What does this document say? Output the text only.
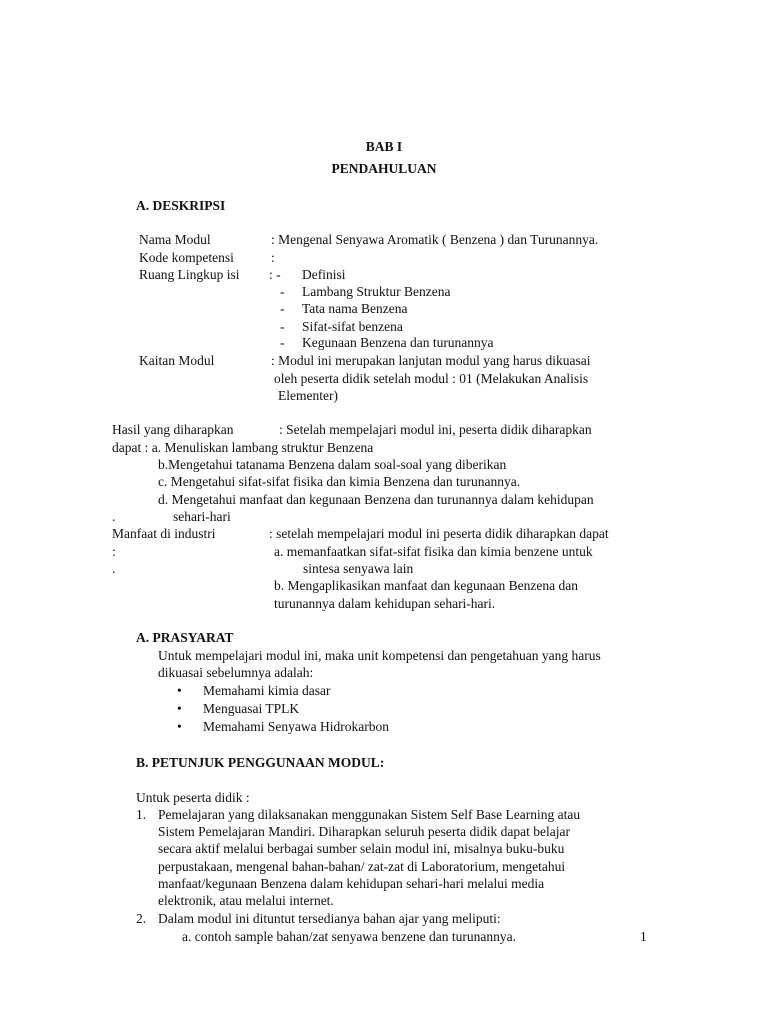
BAB I
PENDAHULUAN
A. DESKRIPSI
Nama Modul	: Mengenal Senyawa Aromatik ( Benzena ) dan Turunannya.
Kode kompetensi	:
Ruang Lingkup isi : - Definisi
- Lambang Struktur Benzena
- Tata nama Benzena
- Sifat-sifat benzena
- Kegunaan Benzena dan turunannya
Kaitan Modul	: Modul ini merupakan lanjutan modul yang harus dikuasai
oleh peserta didik setelah modul : 01 (Melakukan Analisis
Elementer)
Hasil yang diharapkan	: Setelah mempelajari modul ini, peserta didik diharapkan
dapat : a. Menuliskan lambang struktur Benzena
b.Mengetahui tatanama Benzena dalam soal-soal yang diberikan
c. Mengetahui sifat-sifat fisika dan kimia Benzena dan turunannya.
d. Mengetahui manfaat dan kegunaan Benzena dan turunannya dalam kehidupan
.	sehari-hari
Manfaat di industri	: setelah mempelajari modul ini peserta didik diharapkan dapat
:	a. memanfaatkan sifat-sifat fisika dan kimia benzene untuk
.	sintesa senyawa lain
b. Mengaplikasikan manfaat dan kegunaan Benzena dan
turunannya dalam kehidupan sehari-hari.
A. PRASYARAT
Untuk mempelajari modul ini, maka unit kompetensi dan pengetahuan yang harus
dikuasai sebelumnya adalah:
• Memahami kimia dasar
• Menguasai TPLK
• Memahami Senyawa Hidrokarbon
B. PETUNJUK PENGGUNAAN MODUL:
Untuk peserta didik :
1. Pemelajaran yang dilaksanakan menggunakan Sistem Self Base Learning atau
Sistem Pemelajaran Mandiri. Diharapkan seluruh peserta didik dapat belajar
secara aktif melalui berbagai sumber selain modul ini, misalnya buku-buku
perpustakaan, mengenal bahan-bahan/ zat-zat di Laboratorium, mengetahui
manfaat/kegunaan Benzena dalam kehidupan sehari-hari melalui media
elektronik, atau melalui internet.
2. Dalam modul ini dituntut tersedianya bahan ajar yang meliputi:
a. contoh sample bahan/zat senyawa benzene dan turunannya.	1
